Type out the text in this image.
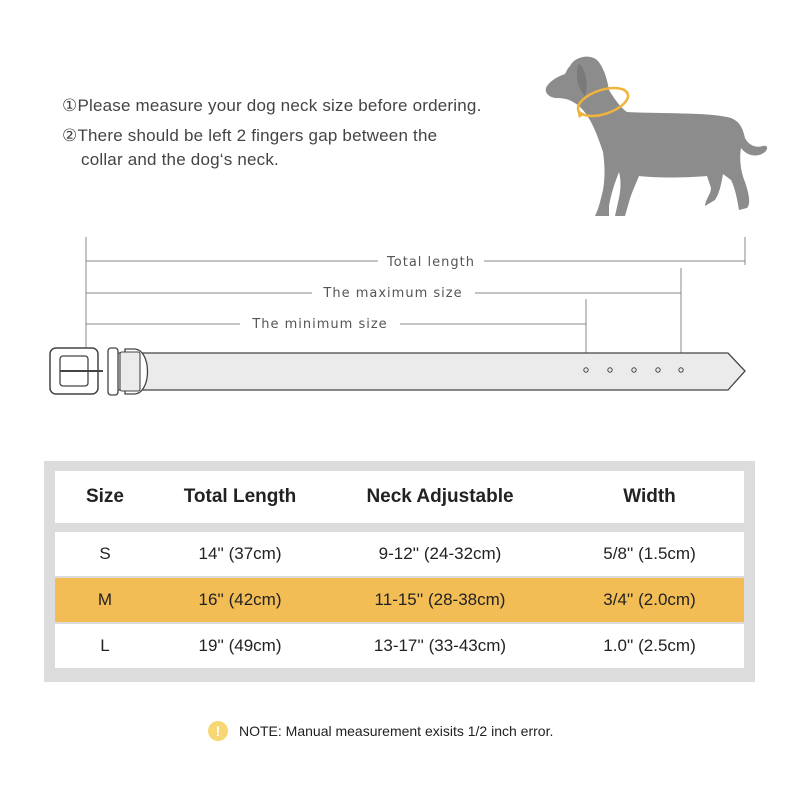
①Please measure your dog neck size before ordering.
②There should be left 2 fingers gap between the
collar and the dog‘s neck.
Total length
The maximum size
The minimum size
Size	Total Length	Neck Adjustable	Width
S	14'' (37cm)	9-12'' (24-32cm)	5/8'' (1.5cm)
M	16'' (42cm)	11-15'' (28-38cm)	3/4'' (2.0cm)
L	19'' (49cm)	13-17'' (33-43cm)	1.0'' (2.5cm)
!	NOTE: Manual measurement exisits 1/2 inch error.
